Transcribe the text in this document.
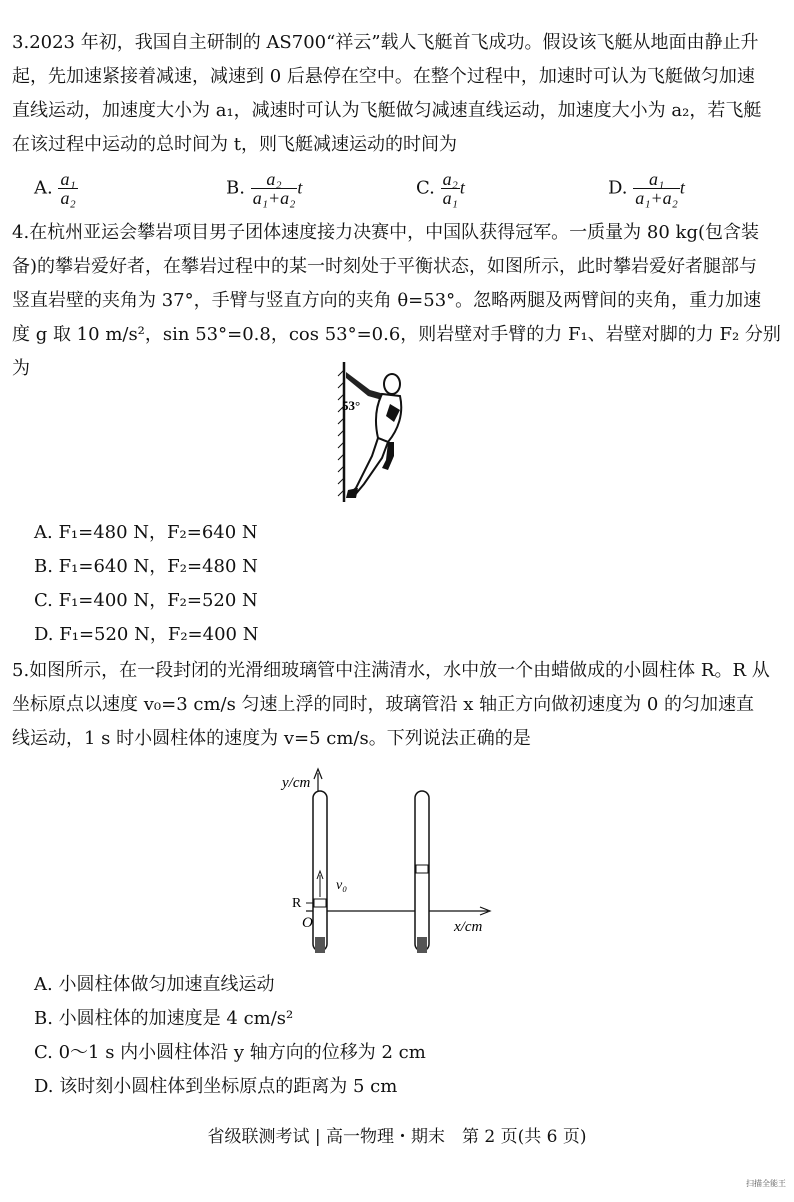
3.2023 年初，我国自主研制的 AS700“祥云”载人飞艇首飞成功。假设该飞艇从地面由静止升

起，先加速紧接着减速，减速到 0 后悬停在空中。在整个过程中，加速时可认为飞艇做匀加速

直线运动，加速度大小为 a₁，减速时可认为飞艇做匀减速直线运动，加速度大小为 a₂，若飞艇

在该过程中运动的总时间为 t，则飞艇减速运动的时间为

A. $\frac{\text{a₁}}{\text{a₂}}$	B. $\frac{\text{a₂}}{\text{a₁+a₂}}$ t	C. $\frac{\text{a₂}}{\text{a₁}}$ t	D. $\frac{\text{a₁}}{\text{a₁+a₂}}$ t

4.在杭州亚运会攀岩项目男子团体速度接力决赛中，中国队获得冠军。一质量为 80 kg(包含装

备)的攀岩爱好者，在攀岩过程中的某一时刻处于平衡状态，如图所示，此时攀岩爱好者腿部与

竖直岩壁的夹角为 37°，手臂与竖直方向的夹角 θ=53°。忽略两腿及两臂间的夹角，重力加速

度 g 取 10 m/s²，sin 53°=0.8，cos 53°=0.6，则岩壁对手臂的力 F₁、岩壁对脚的力 F₂ 分别为

53°

A. F₁=480 N，F₂=640 N

B. F₁=640 N，F₂=480 N

C. F₁=400 N，F₂=520 N

D. F₁=520 N，F₂=400 N

5.如图所示，在一段封闭的光滑细玻璃管中注满清水，水中放一个由蜡做成的小圆柱体 R。R 从

坐标原点以速度 v₀=3 cm/s 匀速上浮的同时，玻璃管沿 x 轴正方向做初速度为 0 的匀加速直

线运动，1 s 时小圆柱体的速度为 v=5 cm/s。下列说法正确的是

y/cm
x/cm
O
R
v₀

A. 小圆柱体做匀加速直线运动

B. 小圆柱体的加速度是 4 cm/s²

C. 0～1 s 内小圆柱体沿 y 轴方向的位移为 2 cm

D. 该时刻小圆柱体到坐标原点的距离为 5 cm

省级联测考试 | 高一物理・期末　第 2 页(共 6 页)
扫描全能王
